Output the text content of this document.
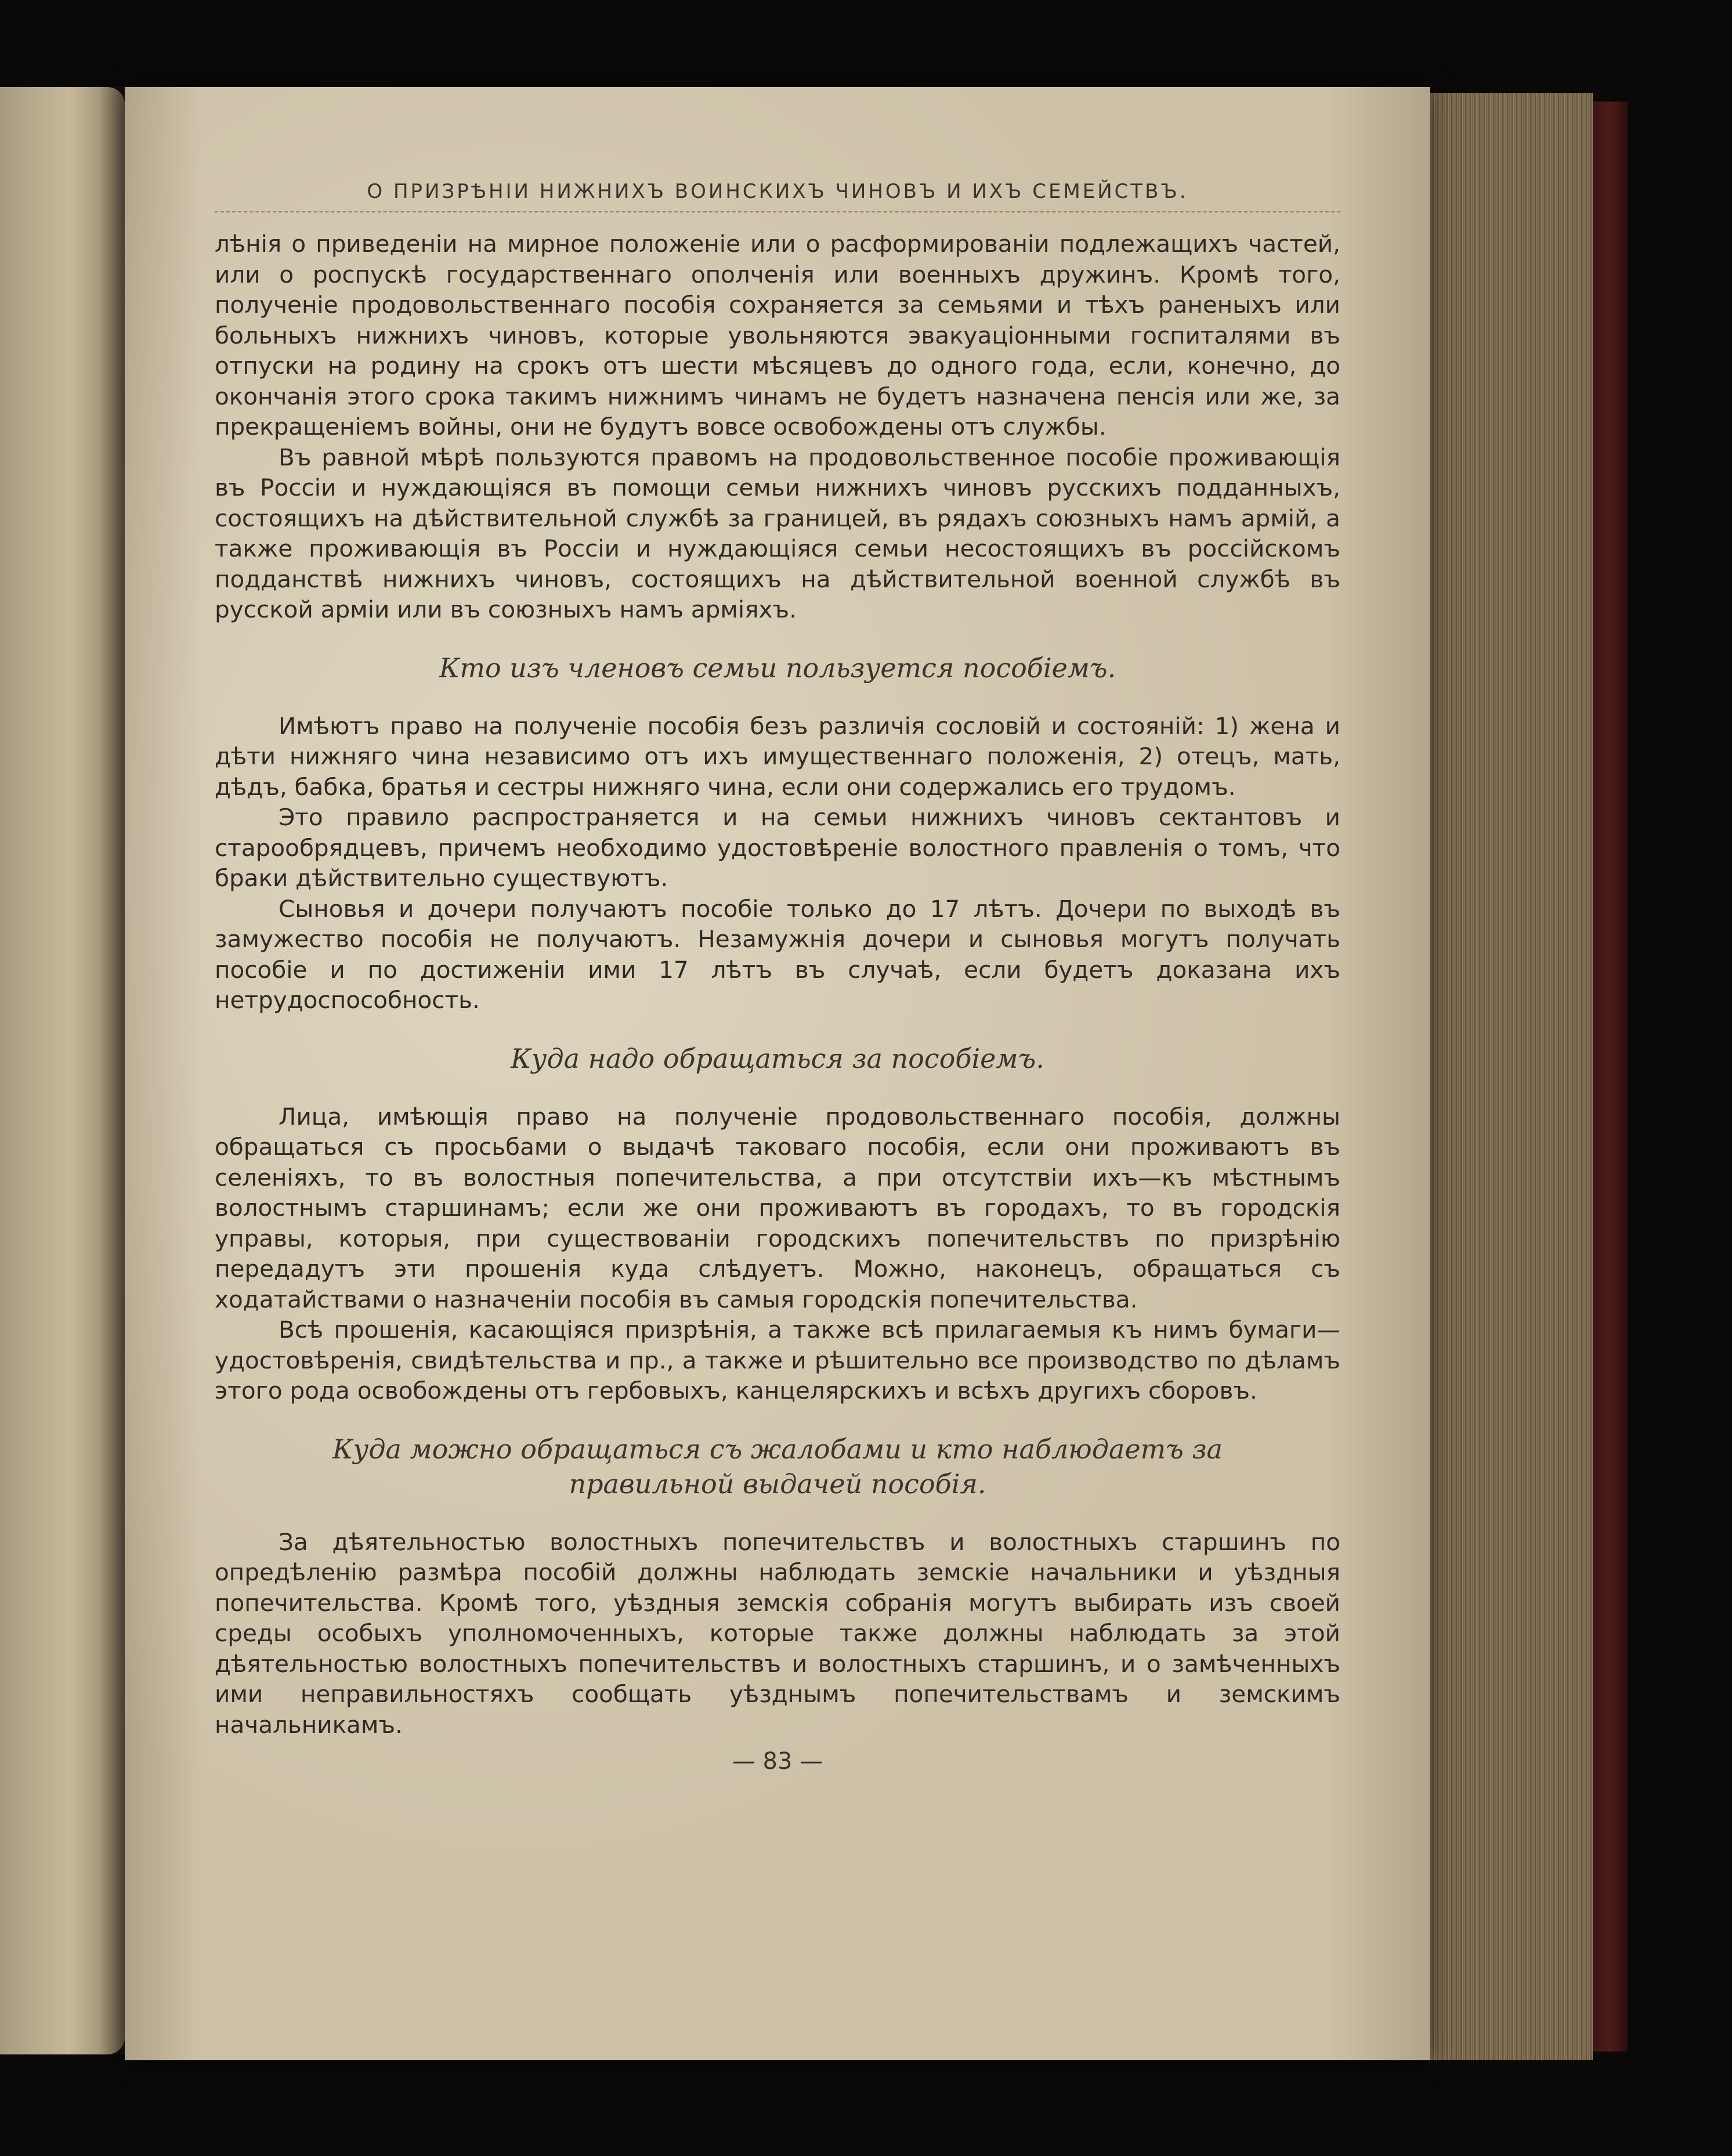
О ПРИЗРѢНІИ НИЖНИХЪ ВОИНСКИХЪ ЧИНОВЪ И ИХЪ СЕМЕЙСТВЪ.

лѣнія о приведеніи на мирное положеніе или о расформированіи подлежащихъ частей, или о роспускѣ государственнаго ополченія или военныхъ дружинъ. Кромѣ того, полученіе продовольственнаго пособія сохраняется за семьями и тѣхъ раненыхъ или больныхъ нижнихъ чиновъ, которые увольняются эвакуаціонными госпиталями въ отпуски на родину на срокъ отъ шести мѣсяцевъ до одного года, если, конечно, до окончанія этого срока такимъ нижнимъ чинамъ не будетъ назначена пенсія или же, за прекращеніемъ войны, они не будутъ вовсе освобождены отъ службы.

Въ равной мѣрѣ пользуются правомъ на продовольственное пособіе проживающія въ Россіи и нуждающіяся въ помощи семьи нижнихъ чиновъ русскихъ подданныхъ, состоящихъ на дѣйствительной службѣ за границей, въ рядахъ союзныхъ намъ армій, а также проживающія въ Россіи и нуждающіяся семьи несостоящихъ въ россійскомъ подданствѣ нижнихъ чиновъ, состоящихъ на дѣйствительной военной службѣ въ русской арміи или въ союзныхъ намъ арміяхъ.

Кто изъ членовъ семьи пользуется пособіемъ.

Имѣютъ право на полученіе пособія безъ различія сословій и состояній: 1) жена и дѣти нижняго чина независимо отъ ихъ имущественнаго положенія, 2) отецъ, мать, дѣдъ, бабка, братья и сестры нижняго чина, если они содержались его трудомъ.

Это правило распространяется и на семьи нижнихъ чиновъ сектантовъ и старообрядцевъ, причемъ необходимо удостовѣреніе волостного правленія о томъ, что браки дѣйствительно существуютъ.

Сыновья и дочери получаютъ пособіе только до 17 лѣтъ. Дочери по выходѣ въ замужество пособія не получаютъ. Незамужнія дочери и сыновья могутъ получать пособіе и по достиженіи ими 17 лѣтъ въ случаѣ, если будетъ доказана ихъ нетрудоспособность.

Куда надо обращаться за пособіемъ.

Лица, имѣющія право на полученіе продовольственнаго пособія, должны обращаться съ просьбами о выдачѣ таковаго пособія, если они проживаютъ въ селеніяхъ, то въ волостныя попечительства, а при отсутствіи ихъ—къ мѣстнымъ волостнымъ старшинамъ; если же они проживаютъ въ городахъ, то въ городскія управы, которыя, при существованіи городскихъ попечительствъ по призрѣнію передадутъ эти прошенія куда слѣдуетъ. Можно, наконецъ, обращаться съ ходатайствами о назначеніи пособія въ самыя городскія попечительства.

Всѣ прошенія, касающіяся призрѣнія, а также всѣ прилагаемыя къ нимъ бумаги—удостовѣренія, свидѣтельства и пр., а также и рѣшительно все производство по дѣламъ этого рода освобождены отъ гербовыхъ, канцелярскихъ и всѣхъ другихъ сборовъ.

Куда можно обращаться съ жалобами и кто наблюдаетъ за правильной выдачей пособія.

За дѣятельностью волостныхъ попечительствъ и волостныхъ старшинъ по опредѣленію размѣра пособій должны наблюдать земскіе начальники и уѣздныя попечительства. Кромѣ того, уѣздныя земскія собранія могутъ выбирать изъ своей среды особыхъ уполномоченныхъ, которые также должны наблюдать за этой дѣятельностью волостныхъ попечительствъ и волостныхъ старшинъ, и о замѣченныхъ ими неправильностяхъ сообщать уѣзднымъ попечительствамъ и земскимъ начальникамъ.

— 83 —
